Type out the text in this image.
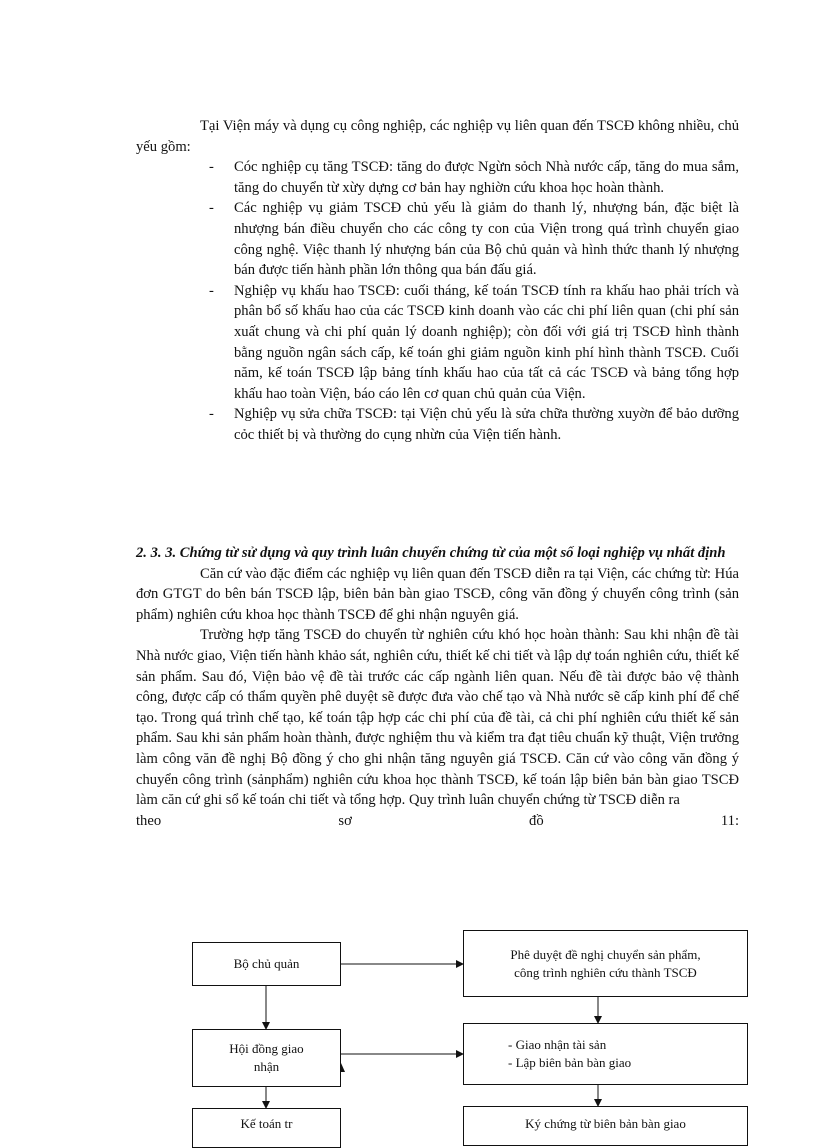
Tại Viện máy và dụng cụ công nghiệp, các nghiệp vụ liên quan đến TSCĐ không nhiều, chủ yếu gồm:

- Cóc nghiệp cụ tăng TSCĐ: tăng do được Ngừn sỏch Nhà nước cấp, tăng do mua sắm, tăng do chuyển từ xừy dựng cơ bản hay nghiờn cứu khoa học hoàn thành.
- Các nghiệp vụ giảm TSCĐ chủ yếu là giảm do thanh lý, nhượng bán, đặc biệt là nhượng bán điều chuyển cho các công ty con của Viện trong quá trình chuyển giao công nghệ. Việc thanh lý nhượng bán của Bộ chủ quản và hình thức thanh lý nhượng bán được tiến hành phần lớn thông qua bán đấu giá.
- Nghiệp vụ khấu hao TSCĐ: cuối tháng, kế toán TSCĐ tính ra khấu hao phải trích và phân bổ số khấu hao của các TSCĐ kinh doanh vào các chi phí liên quan (chi phí sản xuất chung và chi phí quản lý doanh nghiệp); còn đối với giá trị TSCĐ hình thành bằng nguồn ngân sách cấp, kế toán ghi giảm nguồn kinh phí hình thành TSCĐ. Cuối năm, kế toán TSCĐ lập bảng tính khấu hao của tất cả các TSCĐ và bảng tổng hợp khấu hao toàn Viện, báo cáo lên cơ quan chủ quản của Viện.
- Nghiệp vụ sửa chữa TSCĐ: tại Viện chủ yếu là sửa chữa thường xuyờn để bảo dưỡng cỏc thiết bị và thường do cụng nhừn của Viện tiến hành.

2. 3. 3. Chứng từ sử dụng và quy trình luân chuyển chứng từ của một số loại nghiệp vụ nhất định

Căn cứ vào đặc điểm các nghiệp vụ liên quan đến TSCĐ diễn ra tại Viện, các chứng từ: Húa đơn GTGT do bên bán TSCĐ lập, biên bản bàn giao TSCĐ, công văn đồng ý chuyển công trình (sản phẩm) nghiên cứu khoa học thành TSCĐ để ghi nhận nguyên giá.

Trường hợp tăng TSCĐ do chuyển từ nghiên cứu khó học hoàn thành: Sau khi nhận đề tài Nhà nước giao, Viện tiến hành khảo sát, nghiên cứu, thiết kế chi tiết và lập dự toán nghiên cứu, thiết kế sản phẩm. Sau đó, Viện bảo vệ đề tài trước các cấp ngành liên quan. Nếu đề tài được bảo vệ thành công, được cấp có thẩm quyền phê duyệt sẽ được đưa vào chế tạo và Nhà nước sẽ cấp kinh phí để chế tạo. Trong quá trình chế tạo, kế toán tập hợp các chi phí của đề tài, cả chi phí nghiên cứu thiết kế sản phẩm. Sau khi sản phẩm hoàn thành, được nghiệm thu và kiểm tra đạt tiêu chuẩn kỹ thuật, Viện trưởng làm công văn đề nghị Bộ đồng ý cho ghi nhận tăng nguyên giá TSCĐ. Căn cứ vào công văn đồng ý chuyển công trình (sảnphẩm) nghiên cứu khoa học thành TSCĐ, kế toán lập biên bản bàn giao TSCĐ làm căn cứ ghi sổ kế toán chi tiết và tổng hợp. Quy trình luân chuyển chứng từ TSCĐ diễn ra

theo	sơ	đồ	11:
Bộ chủ quản
Phê duyệt đề nghị chuyển sản phẩm,
công trình nghiên cứu thành TSCĐ
Hội đồng giao
nhận
- Giao nhận tài sản
- Lập biên bản bàn giao
Kế toán tr	Ký chứng từ biên bản bàn giao
